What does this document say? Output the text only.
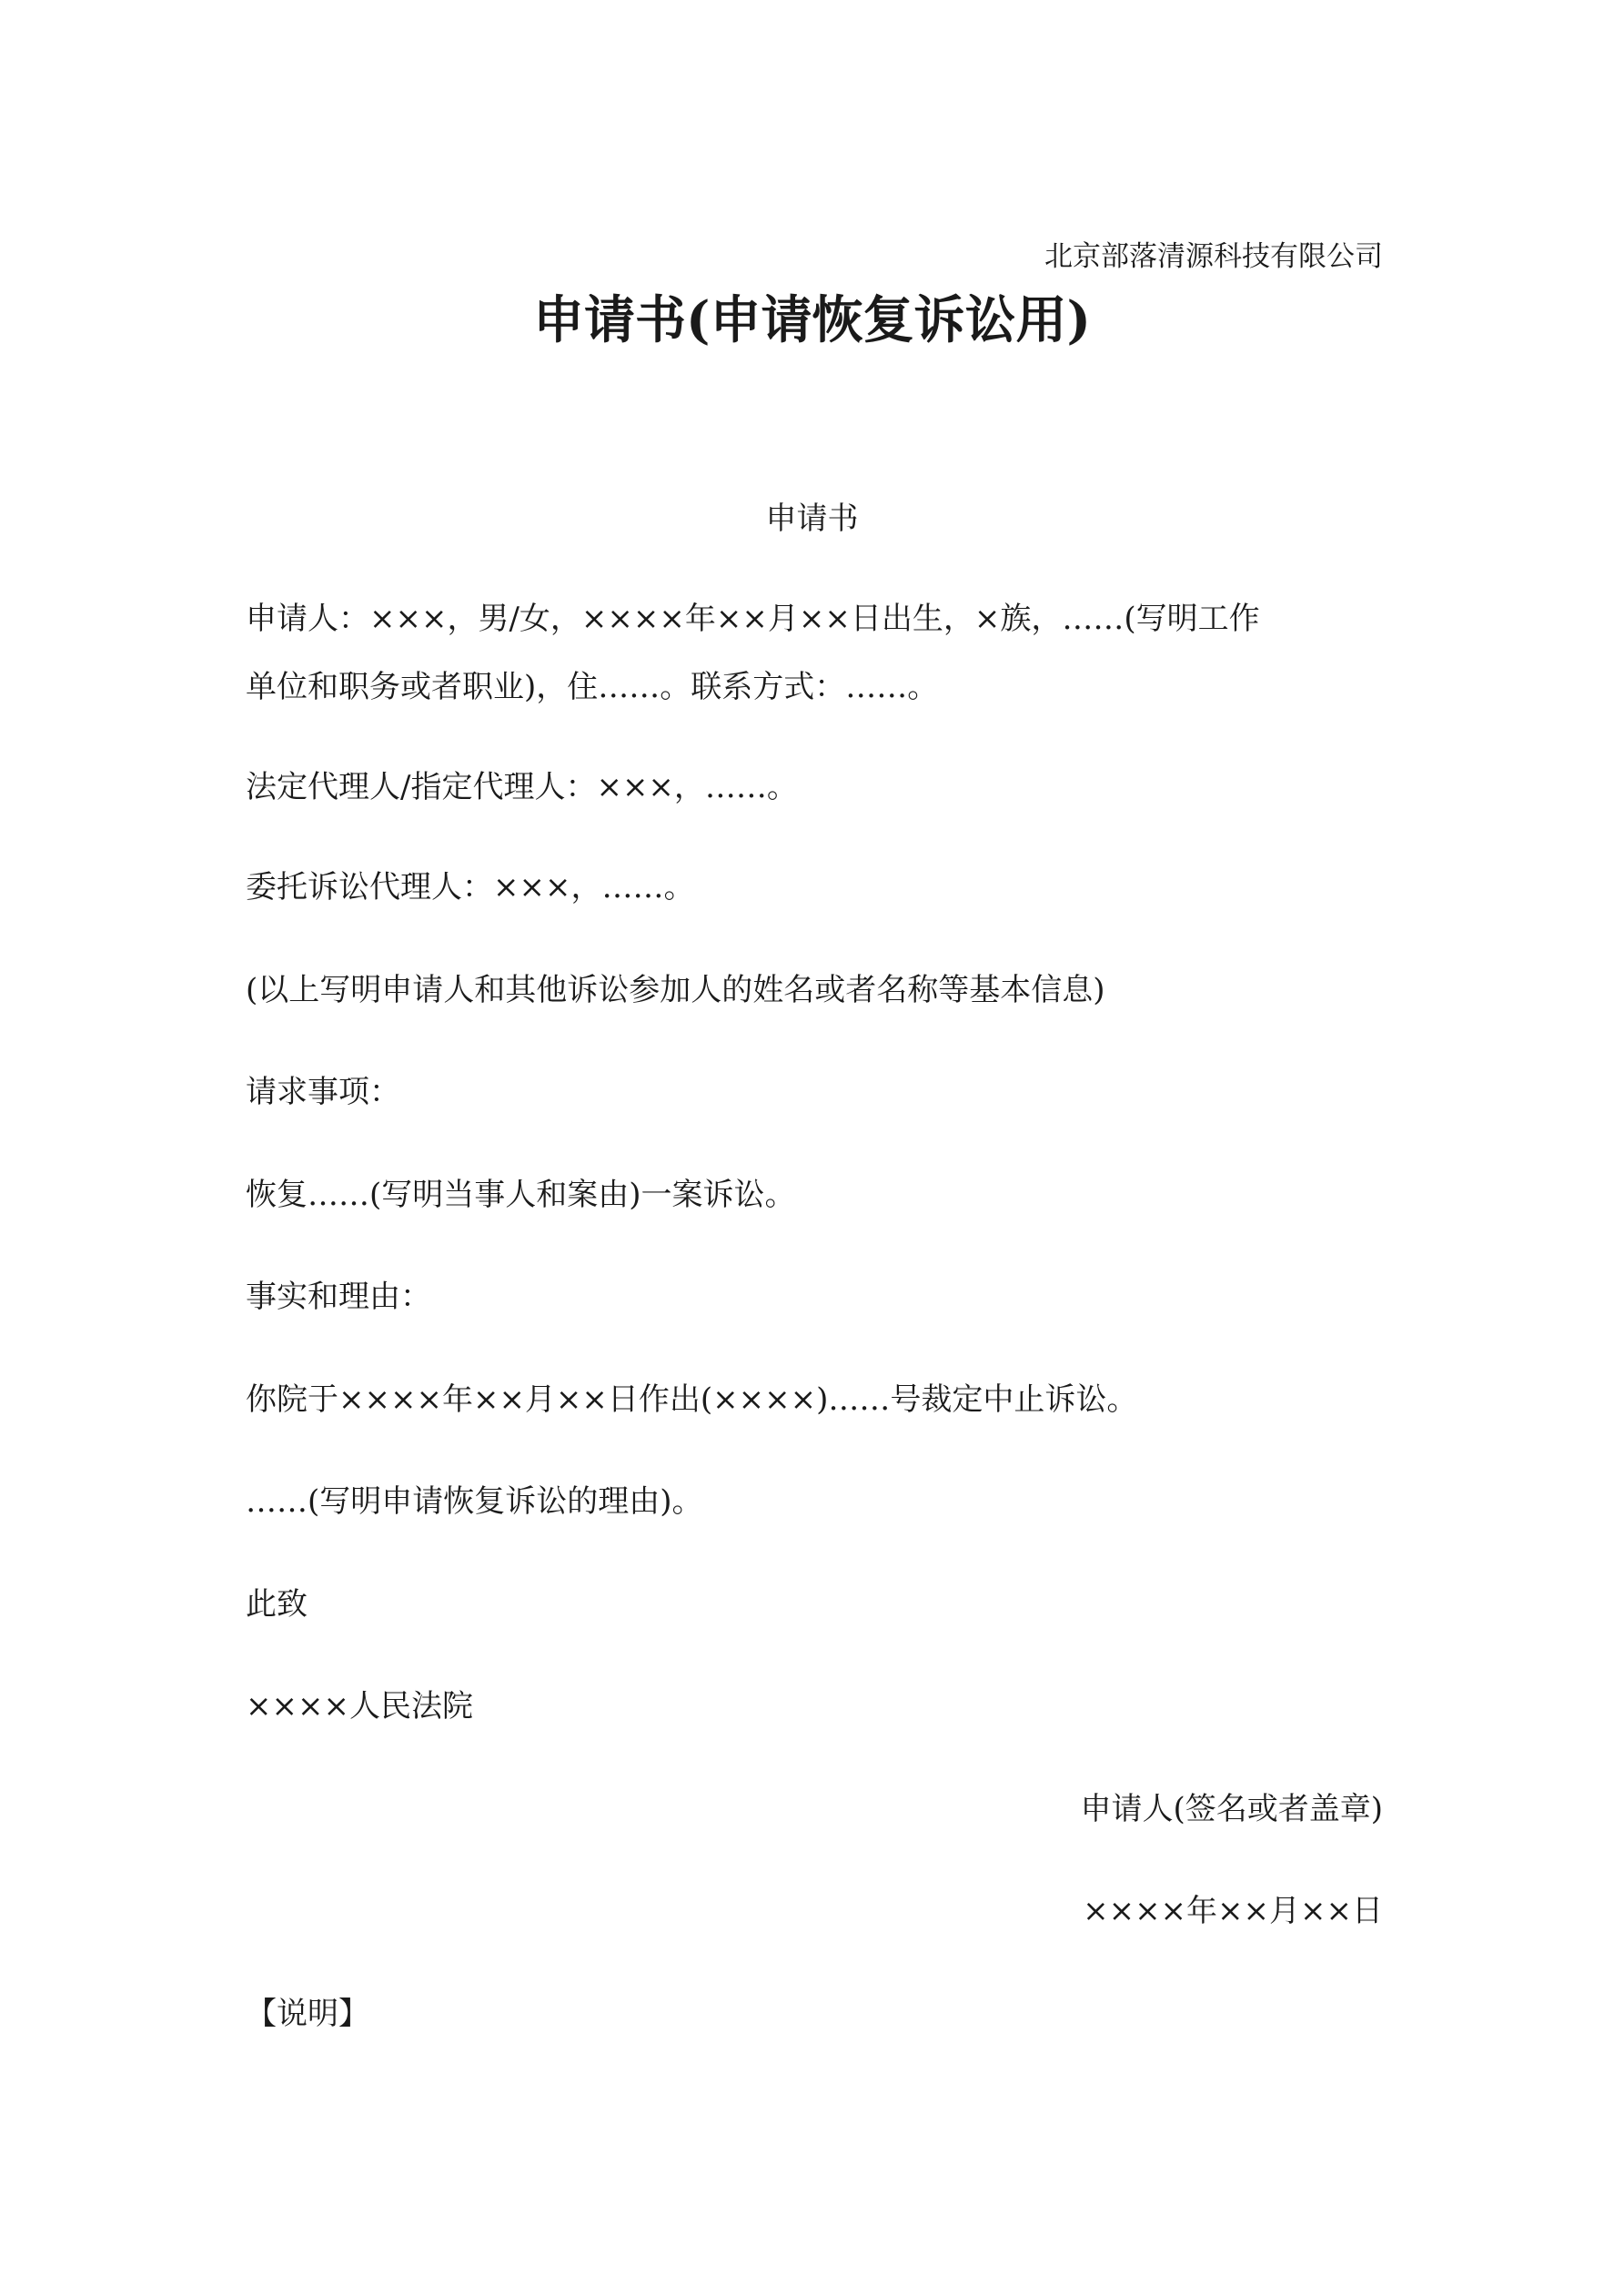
北京部落清源科技有限公司
申请书(申请恢复诉讼用)
申请书
申请人：×××，男/女，××××年××月××日出生，×族，……(写明工作
单位和职务或者职业)，住……。联系方式：……。
法定代理人/指定代理人：×××，……。
委托诉讼代理人：×××，……。
(以上写明申请人和其他诉讼参加人的姓名或者名称等基本信息)
请求事项：
恢复……(写明当事人和案由)一案诉讼。
事实和理由：
你院于××××年××月××日作出(××××)……号裁定中止诉讼。
……(写明申请恢复诉讼的理由)。
此致
××××人民法院
申请人(签名或者盖章)
××××年××月××日
【说明】
